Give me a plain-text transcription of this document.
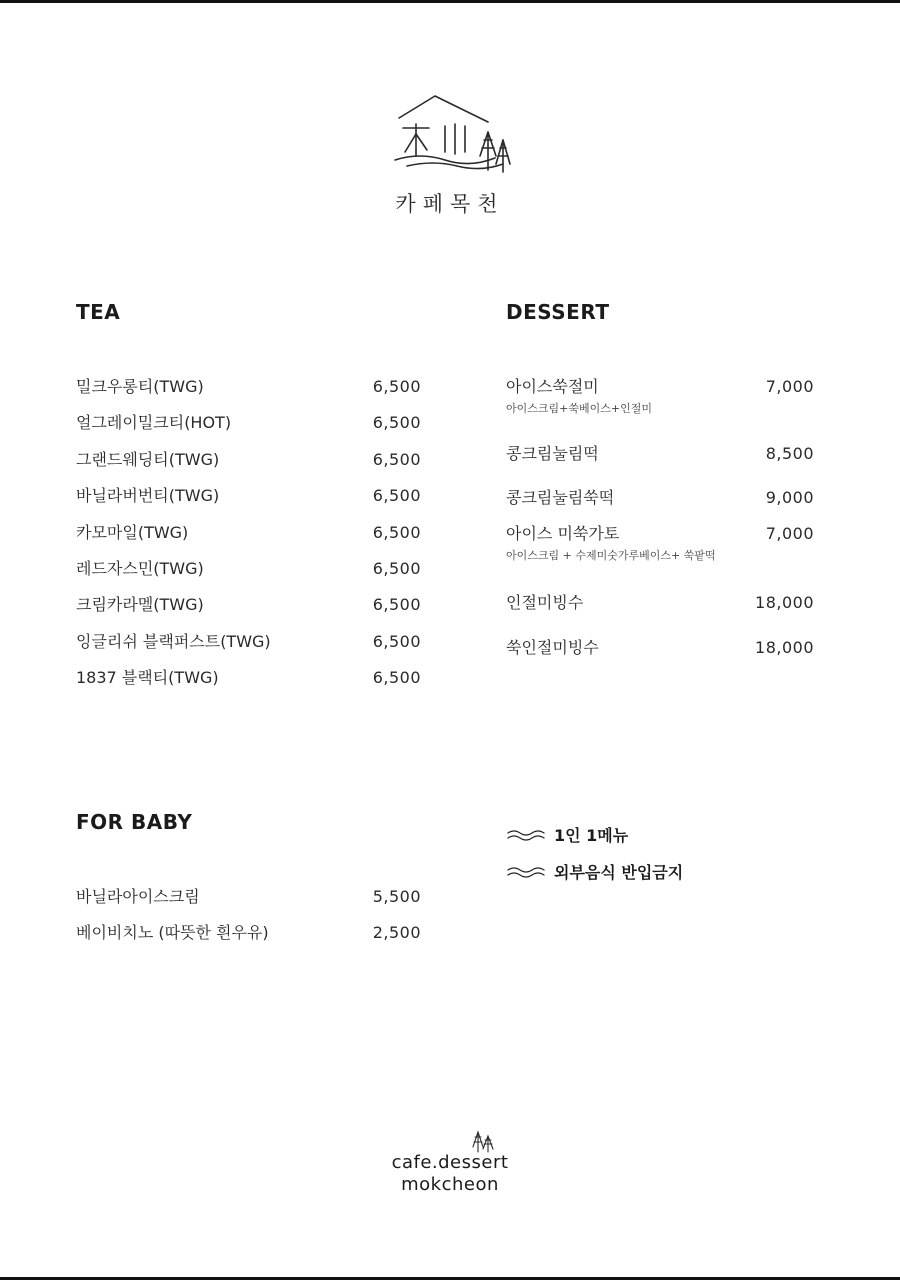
카페목천
TEA
밀크우롱티(TWG)	6,500
얼그레이밀크티(HOT)	6,500
그랜드웨딩티(TWG)	6,500
바닐라버번티(TWG)	6,500
카모마일(TWG)	6,500
레드자스민(TWG)	6,500
크림카라멜(TWG)	6,500
잉글리쉬 블랙퍼스트(TWG)	6,500
1837 블랙티(TWG)	6,500
DESSERT
아이스쑥절미	7,000
아이스크림+쑥베이스+인절미
콩크림눌림떡	8,500
콩크림눌림쑥떡	9,000
아이스 미쑥가토	7,000
아이스크림 + 수제미숫가루베이스+ 쑥팥떡
인절미빙수	18,000
쑥인절미빙수	18,000
FOR BABY
바닐라아이스크림	5,500
베이비치노 (따뜻한 흰우유)	2,500
1인 1메뉴
외부음식 반입금지
cafe.dessert
mokcheon
